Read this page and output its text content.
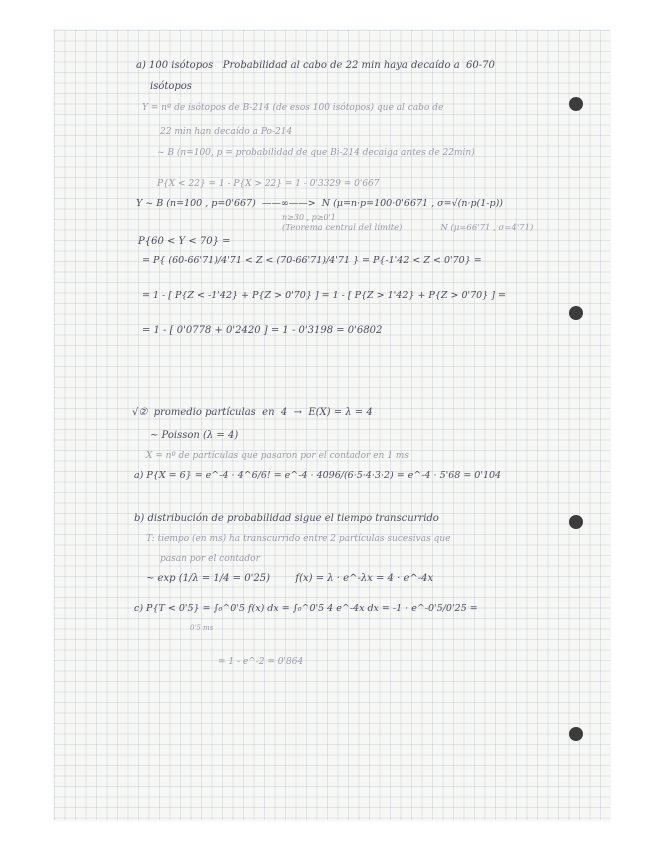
a) 100 isótopos   Probabilidad al cabo de 22 min haya decaído a  60-70
isótopos
Y = nº de isótopos de B-214 (de esos 100 isótopos) que al cabo de
22 min han decaído a Po-214
~ B (n=100, p = probabilidad de que Bi-214 decaiga antes de 22min)
P{X < 22} = 1 - P{X > 22} = 1 - 0'3329 = 0'667
Y ~ B (n=100 , p=0'667)  ——∞——>  N (μ=n·p=100·0'6671 , σ=√(n·p(1-p))
n≥30 , p≥0'1
(Teorema central del límite)              N (μ=66'71 , σ=4'71)
P{60 < Y < 70} =
= P{ (60-66'71)/4'71 < Z < (70-66'71)/4'71 } = P{-1'42 < Z < 0'70} =
= 1 - [ P{Z < -1'42} + P{Z > 0'70} ] = 1 - [ P{Z > 1'42} + P{Z > 0'70} ] =
= 1 - [ 0'0778 + 0'2420 ] = 1 - 0'3198 = 0'6802
√②  promedio partículas  en  4  →  E(X) = λ = 4
~ Poisson (λ = 4)
X = nº de partículas que pasaron por el contador en 1 ms
a) P{X = 6} = e^-4 · 4^6/6! = e^-4 · 4096/(6·5·4·3·2) = e^-4 · 5'68 = 0'104
b) distribución de probabilidad sigue el tiempo transcurrido
T: tiempo (en ms) ha transcurrido entre 2 partículas sucesivas que
pasan por el contador
~ exp (1/λ = 1/4 = 0'25)        f(x) = λ · e^-λx = 4 · e^-4x
c) P{T < 0'5} = ∫₀^0'5 f(x) dx = ∫₀^0'5 4 e^-4x dx = -1 · e^-0'5/0'25 =
0'5 ms
= 1 - e^-2 = 0'864
